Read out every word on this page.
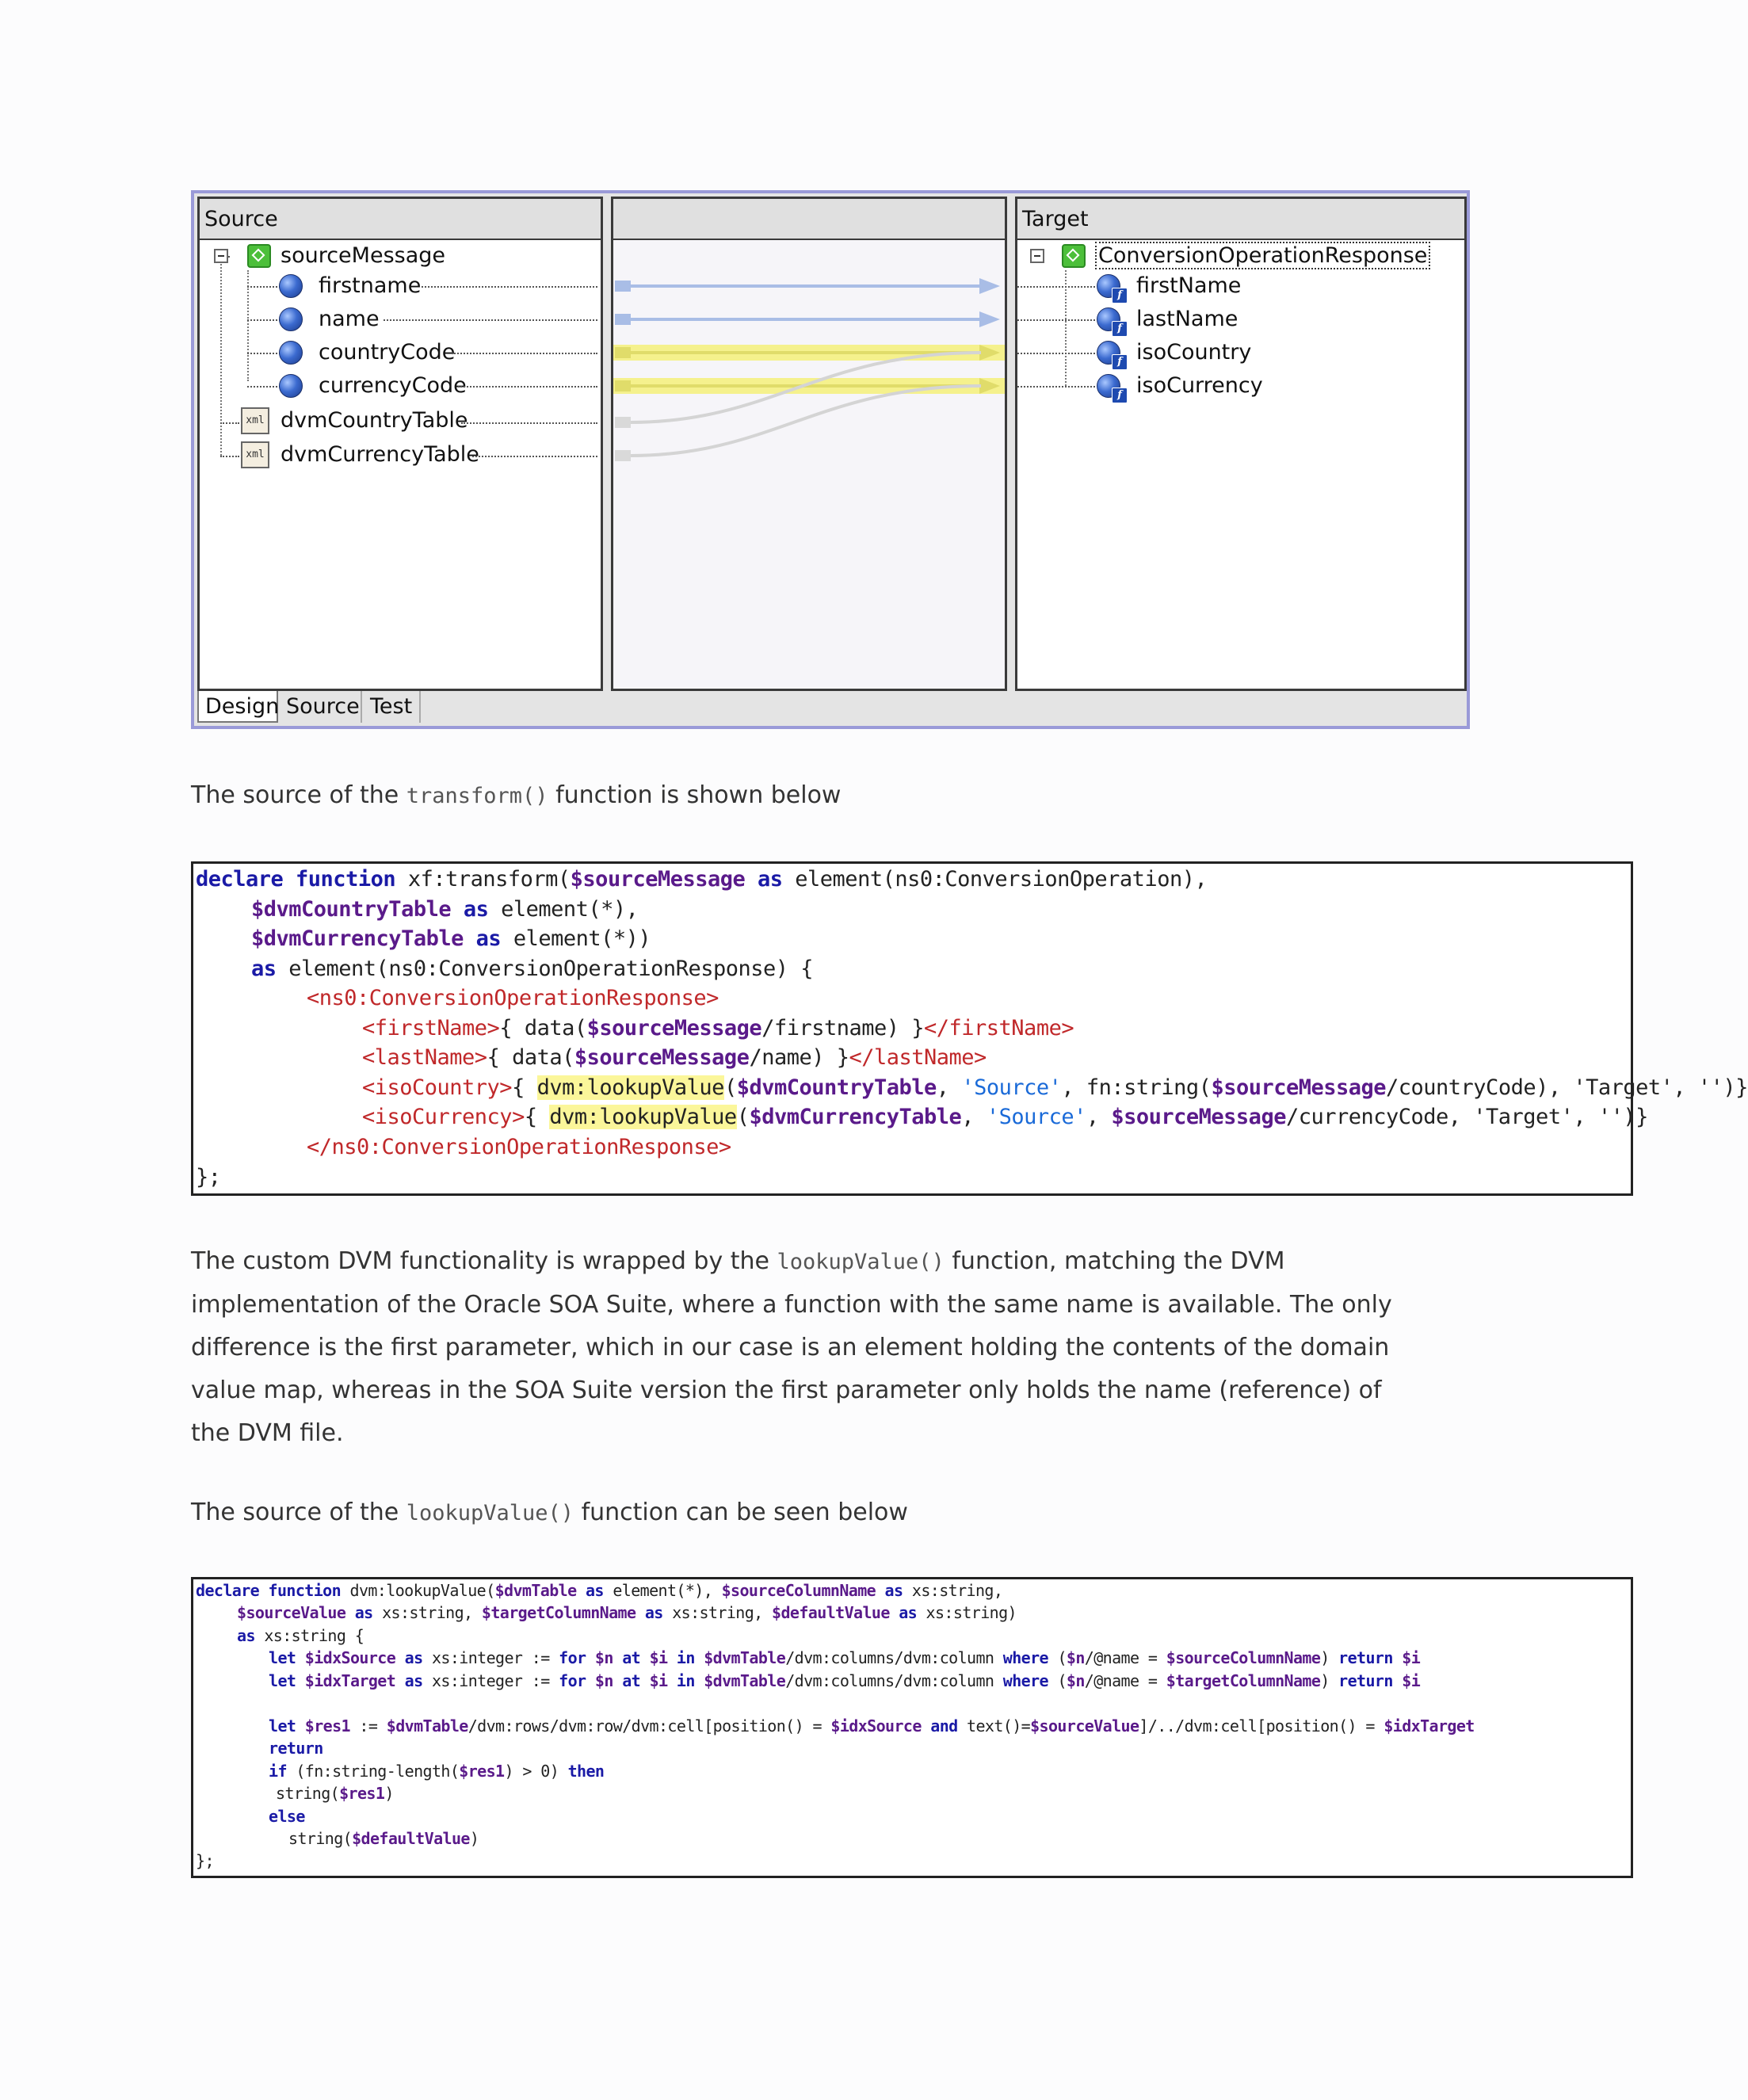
Source
sourceMessage
firstname
name
countryCode
currencyCode
xml dvmCountryTable
xml dvmCurrencyTable
Target
ConversionOperationResponse
f firstName
f lastName
f isoCountry
f isoCurrency
Design Source Test
The source of the transform() function is shown below
declare function xf:transform($sourceMessage as element(ns0:ConversionOperation),
$dvmCountryTable as element(*),
$dvmCurrencyTable as element(*))
as element(ns0:ConversionOperationResponse) {
<ns0:ConversionOperationResponse>
<firstName>{ data($sourceMessage/firstname) }</firstName>
<lastName>{ data($sourceMessage/name) }</lastName>
<isoCountry>{ dvm:lookupValue($dvmCountryTable, 'Source', fn:string($sourceMessage/countryCode), 'Target', '')}
<isoCurrency>{ dvm:lookupValue($dvmCurrencyTable, 'Source', $sourceMessage/currencyCode, 'Target', '')}
</ns0:ConversionOperationResponse>
};
The custom DVM functionality is wrapped by the lookupValue() function, matching the DVM
implementation of the Oracle SOA Suite, where a function with the same name is available. The only
difference is the first parameter, which in our case is an element holding the contents of the domain
value map, whereas in the SOA Suite version the first parameter only holds the name (reference) of
the DVM file.
The source of the lookupValue() function can be seen below
declare function dvm:lookupValue($dvmTable as element(*), $sourceColumnName as xs:string,
$sourceValue as xs:string, $targetColumnName as xs:string, $defaultValue as xs:string)
as xs:string {
let $idxSource as xs:integer := for $n at $i in $dvmTable/dvm:columns/dvm:column where ($n/@name = $sourceColumnName) return $i
let $idxTarget as xs:integer := for $n at $i in $dvmTable/dvm:columns/dvm:column where ($n/@name = $targetColumnName) return $i
let $res1 := $dvmTable/dvm:rows/dvm:row/dvm:cell[position() = $idxSource and text()=$sourceValue]/../dvm:cell[position() = $idxTarget
return
if (fn:string-length($res1) > 0) then
string($res1)
else
string($defaultValue)
};
